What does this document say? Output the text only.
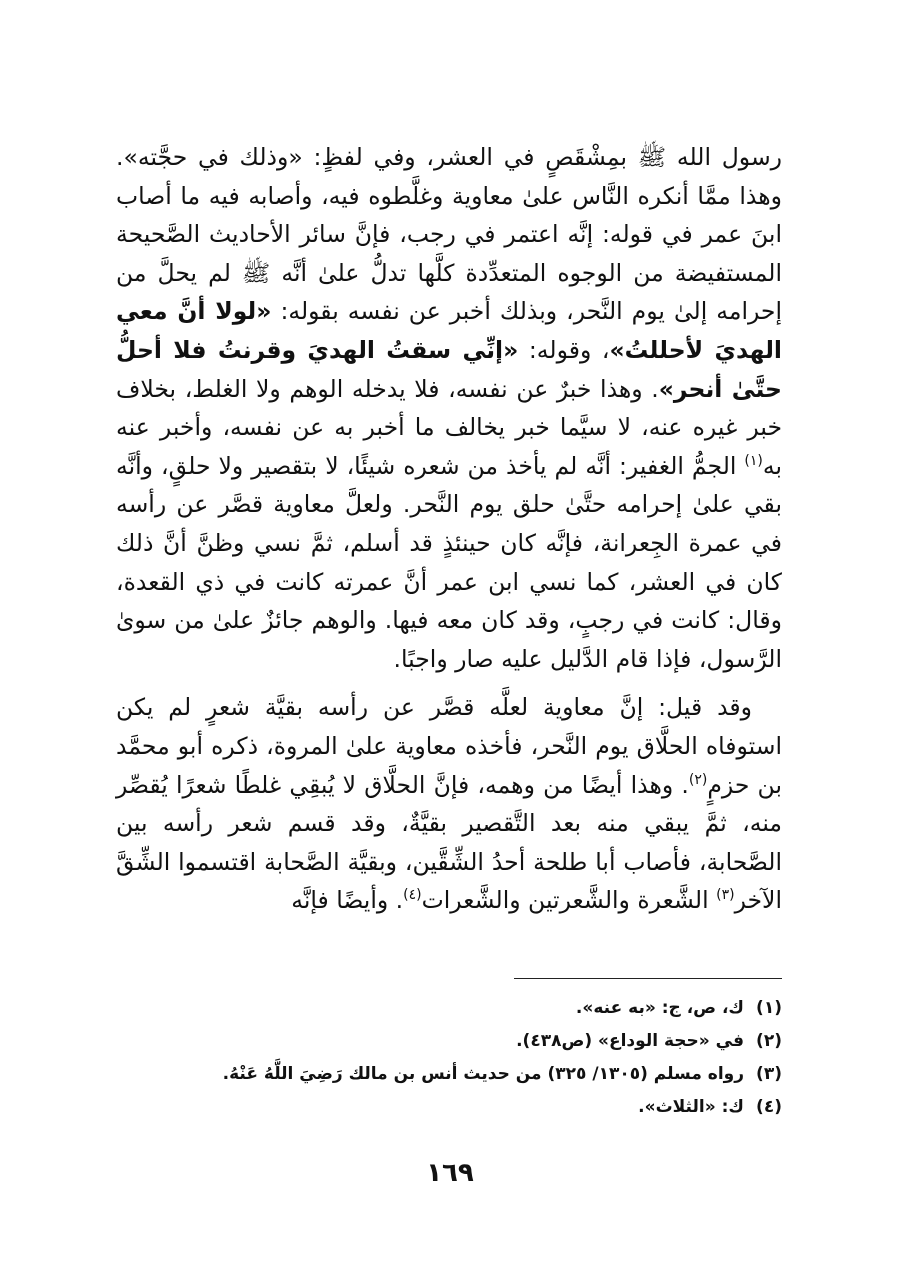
رسول الله ﷺ بمِشْقَصٍ في العشر، وفي لفظٍ: «وذلك في حجَّته». وهذا ممَّا أنكره النَّاس علىٰ معاوية وغلَّطوه فيه، وأصابه فيه ما أصاب ابنَ عمر في قوله: إنَّه اعتمر في رجب، فإنَّ سائر الأحاديث الصَّحيحة المستفيضة من الوجوه المتعدِّدة كلَّها تدلُّ علىٰ أنَّه ﷺ لم يحلَّ من إحرامه إلىٰ يوم النَّحر، وبذلك أخبر عن نفسه بقوله: «لولا أنَّ معي الهديَ لأحللتُ»، وقوله: «إنِّي سقتُ الهديَ وقرنتُ فلا أحلُّ حتَّىٰ أنحر». وهذا خبرٌ عن نفسه، فلا يدخله الوهم ولا الغلط، بخلاف خبر غيره عنه، لا سيَّما خبر يخالف ما أخبر به عن نفسه، وأخبر عنه به$^{(١)}$ الجمُّ الغفير: أنَّه لم يأخذ من شعره شيئًا، لا بتقصير ولا حلقٍ، وأنَّه بقي علىٰ إحرامه حتَّىٰ حلق يوم النَّحر. ولعلَّ معاوية قصَّر عن رأسه في عمرة الجِعرانة، فإنَّه كان حينئذٍ قد أسلم، ثمَّ نسي وظنَّ أنَّ ذلك كان في العشر، كما نسي ابن عمر أنَّ عمرته كانت في ذي القعدة، وقال: كانت في رجبٍ، وقد كان معه فيها. والوهم جائزٌ علىٰ من سوىٰ الرَّسول، فإذا قام الدَّليل عليه صار واجبًا.

وقد قيل: إنَّ معاوية لعلَّه قصَّر عن رأسه بقيَّة شعرٍ لم يكن استوفاه الحلَّاق يوم النَّحر، فأخذه معاوية علىٰ المروة، ذكره أبو محمَّد بن حزمٍ$^{(٢)}$. وهذا أيضًا من وهمه، فإنَّ الحلَّاق لا يُبقِي غلطًا شعرًا يُقصِّر منه، ثمَّ يبقي منه بعد التَّقصير بقيَّةٌ، وقد قسم شعر رأسه بين الصَّحابة، فأصاب أبا طلحة أحدُ الشِّقَّين، وبقيَّة الصَّحابة اقتسموا الشِّقَّ الآخر$^{(٣)}$ الشَّعرة والشَّعرتين والشَّعرات$^{(٤)}$. وأيضًا فإنَّه

(١)ك، ص، ج: «به عنه».
(٢)في «حجة الوداع» (ص٤٣٨).
(٣)رواه مسلم (١٣٠٥/ ٣٢٥) من حديث أنس بن مالك رَضِيَ اللَّهُ عَنْهُ.
(٤)ك: «الثلاث».
١٦٩
